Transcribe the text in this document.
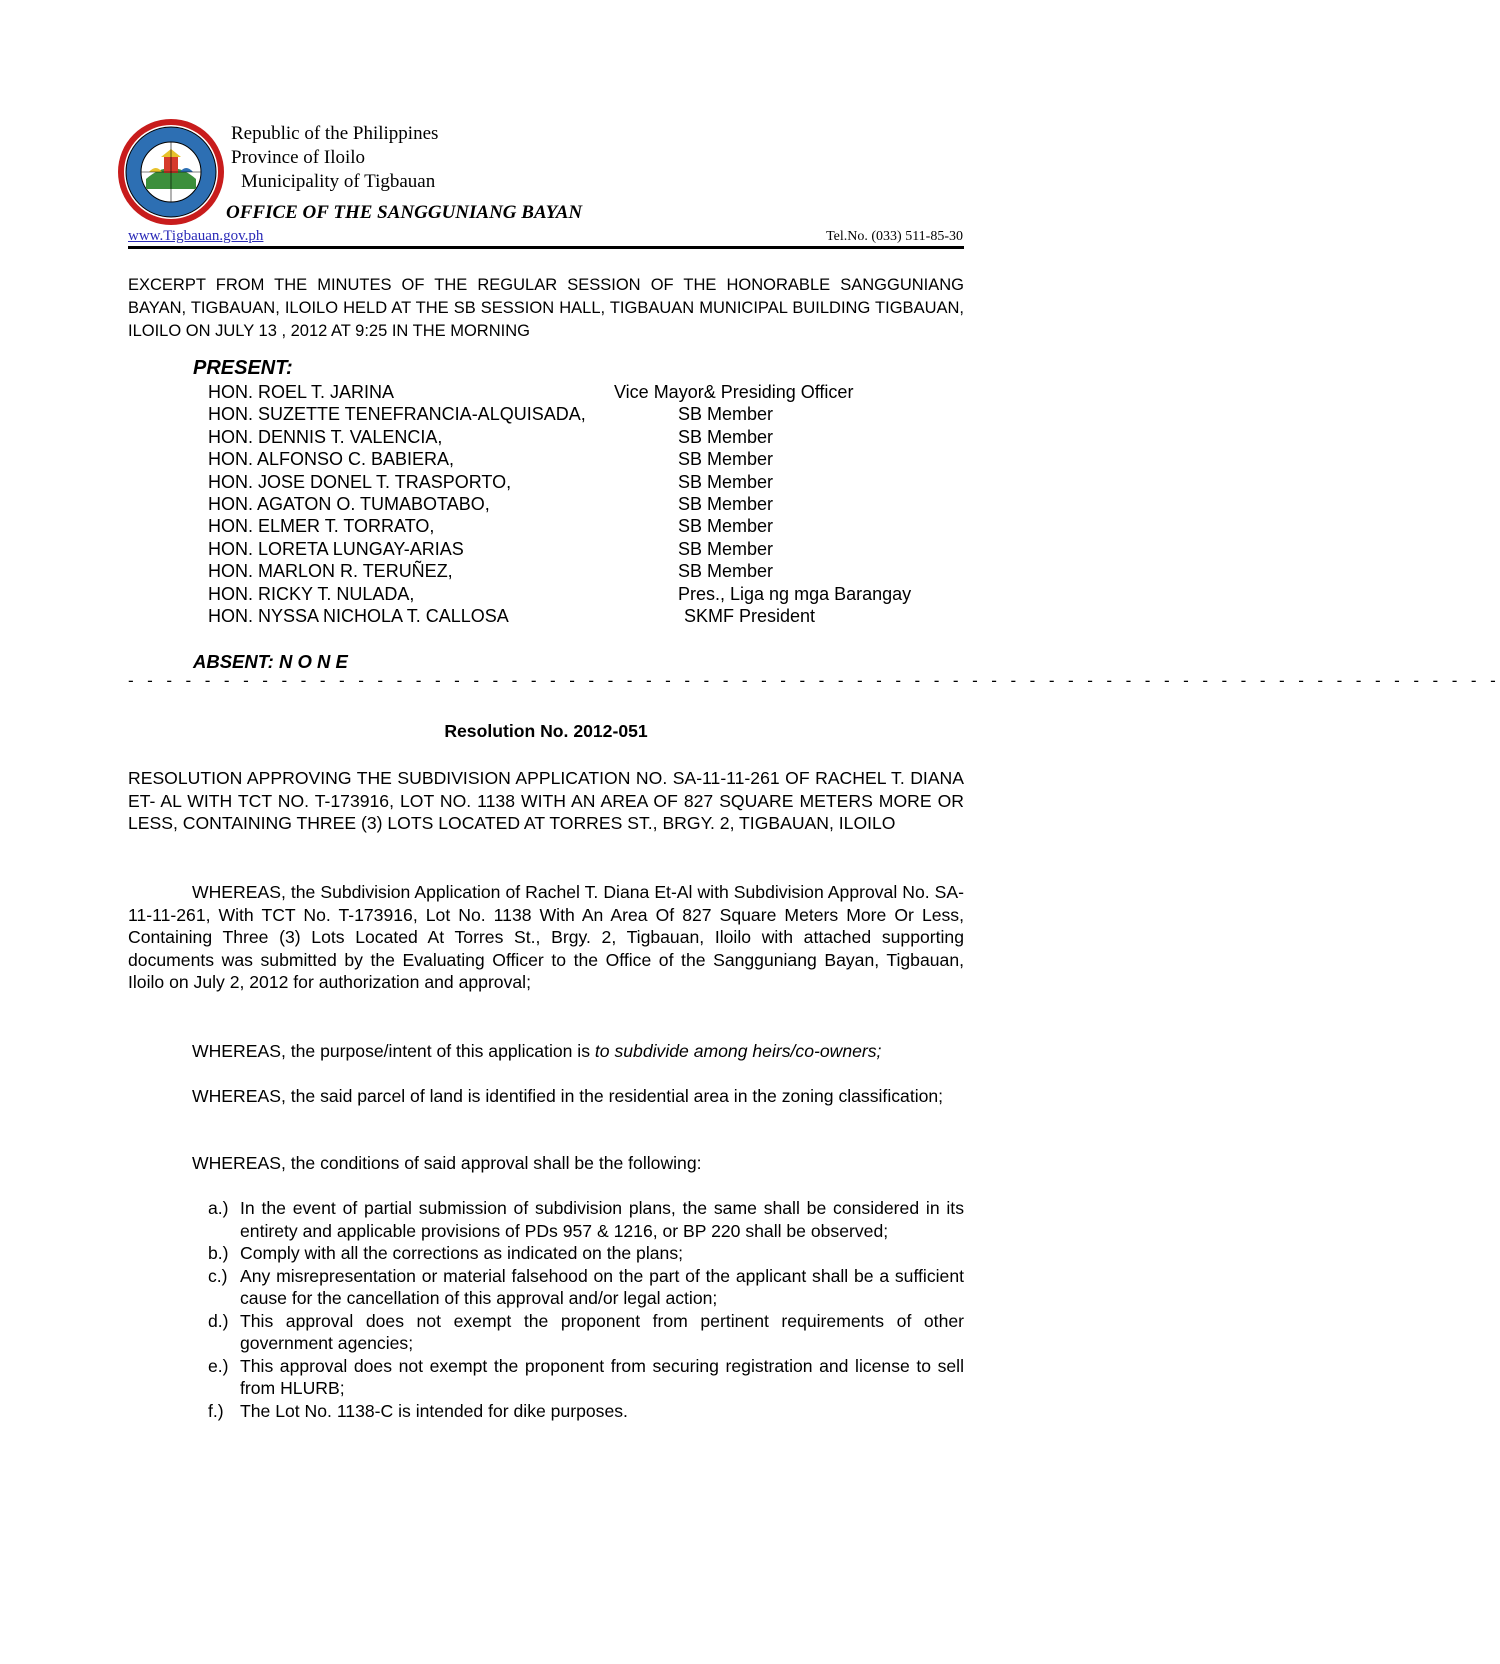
Republic of the Philippines
Province of Iloilo
Municipality of Tigbauan
OFFICE OF THE SANGGUNIANG BAYAN
www.Tigbauan.gov.ph	Tel.No. (033) 511-85-30
EXCERPT FROM THE MINUTES OF THE REGULAR SESSION OF THE HONORABLE SANGGUNIANG BAYAN, TIGBAUAN, ILOILO HELD AT THE SB SESSION HALL, TIGBAUAN MUNICIPAL BUILDING TIGBAUAN, ILOILO ON JULY 13 , 2012 AT 9:25 IN THE MORNING
PRESENT:
HON. ROEL T. JARINA	Vice Mayor& Presiding Officer
HON. SUZETTE TENEFRANCIA-ALQUISADA,	SB Member
HON. DENNIS T. VALENCIA,	SB Member
HON. ALFONSO C. BABIERA,	SB Member
HON. JOSE DONEL T. TRASPORTO,	SB Member
HON. AGATON O. TUMABOTABO,	SB Member
HON. ELMER T. TORRATO,	SB Member
HON. LORETA LUNGAY-ARIAS	SB Member
HON. MARLON R. TERUÑEZ,	SB Member
HON. RICKY T. NULADA,	Pres., Liga ng mga Barangay
HON. NYSSA NICHOLA T. CALLOSA	SKMF President
ABSENT: N O N E
- - - - - - - - - - - - - - - - - - - - - - - - - - - - - - - - - - - - - - - - - - - - - - - - - - - - - - - - - - - - - - - - - - - - - - - -
Resolution No. 2012-051
RESOLUTION APPROVING THE SUBDIVISION APPLICATION NO. SA-11-11-261 OF RACHEL T. DIANA ET- AL WITH TCT NO. T-173916, LOT NO. 1138 WITH AN AREA OF 827 SQUARE METERS MORE OR LESS, CONTAINING THREE (3) LOTS LOCATED AT TORRES ST., BRGY. 2, TIGBAUAN, ILOILO
WHEREAS, the Subdivision Application of Rachel T. Diana Et-Al with Subdivision Approval No. SA-11-11-261, With TCT No. T-173916, Lot No. 1138 With An Area Of 827 Square Meters More Or Less, Containing Three (3) Lots Located At Torres St., Brgy. 2, Tigbauan, Iloilo with attached supporting documents was submitted by the Evaluating Officer to the Office of the Sangguniang Bayan, Tigbauan, Iloilo on July 2, 2012 for authorization and approval;
WHEREAS, the purpose/intent of this application is to subdivide among heirs/co-owners;
WHEREAS, the said parcel of land is identified in the residential area in the zoning classification;
WHEREAS, the conditions of said approval shall be the following:
a.) In the event of partial submission of subdivision plans, the same shall be considered in its entirety and applicable provisions of PDs 957 & 1216, or BP 220 shall be observed;
b.) Comply with all the corrections as indicated on the plans;
c.) Any misrepresentation or material falsehood on the part of the applicant shall be a sufficient cause for the cancellation of this approval and/or legal action;
d.) This approval does not exempt the proponent from pertinent requirements of other government agencies;
e.) This approval does not exempt the proponent from securing registration and license to sell from HLURB;
f.) The Lot No. 1138-C is intended for dike purposes.
